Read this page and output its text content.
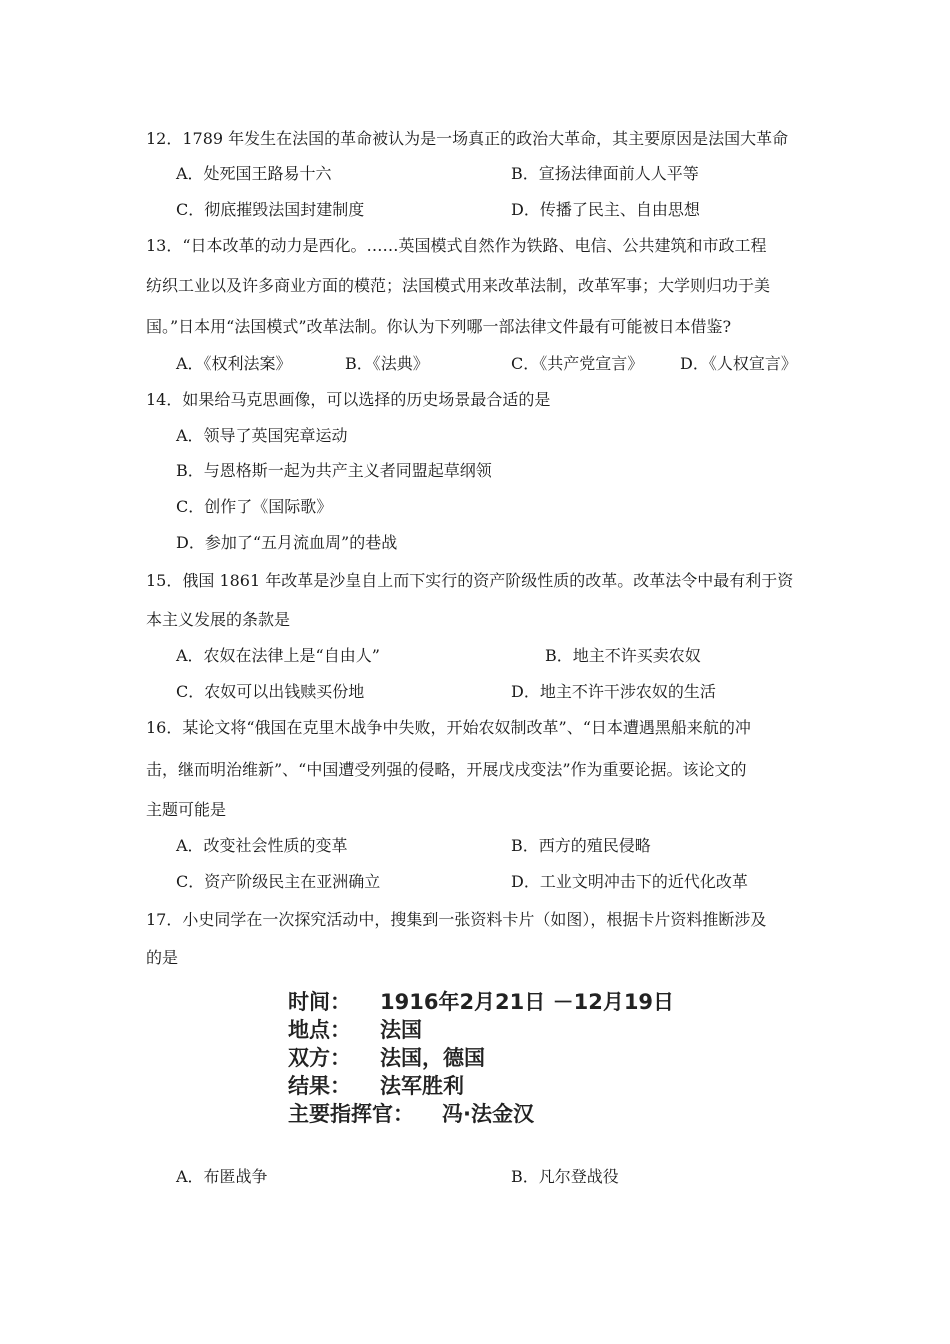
12．1789 年发生在法国的革命被认为是一场真正的政治大革命，其主要原因是法国大革命
A．处死国王路易十六	B．宣扬法律面前人人平等
C．彻底摧毁法国封建制度	D．传播了民主、自由思想
13．“日本改革的动力是西化。……英国模式自然作为铁路、电信、公共建筑和市政工程
纺织工业以及许多商业方面的模范；法国模式用来改革法制，改革军事；大学则归功于美
国。”日本用“法国模式”改革法制。你认为下列哪一部法律文件最有可能被日本借鉴?
A．《权利法案》	B．《法典》	C．《共产党宣言》 D．《人权宣言》
14．如果给马克思画像，可以选择的历史场景最合适的是
A．领导了英国宪章运动
B．与恩格斯一起为共产主义者同盟起草纲领
C．创作了《国际歌》
D．参加了“五月流血周”的巷战
15．俄国 1861 年改革是沙皇自上而下实行的资产阶级性质的改革。改革法令中最有利于资
本主义发展的条款是
A．农奴在法律上是“自由人”	B．地主不许买卖农奴
C．农奴可以出钱赎买份地	D．地主不许干涉农奴的生活
16．某论文将“俄国在克里木战争中失败，开始农奴制改革”、“日本遭遇黑船来航的冲
击，继而明治维新”、“中国遭受列强的侵略，开展戊戌变法”作为重要论据。该论文的
主题可能是
A．改变社会性质的变革	B．西方的殖民侵略
C．资产阶级民主在亚洲确立	D．工业文明冲击下的近代化改革
17．小史同学在一次探究活动中，搜集到一张资料卡片（如图），根据卡片资料推断涉及
的是
时间： 1916年2月21日 －12月19日
地点： 法国
双方： 法国，德国
结果： 法军胜利
主要指挥官： 冯·法金汉
A．布匿战争	B．凡尔登战役
